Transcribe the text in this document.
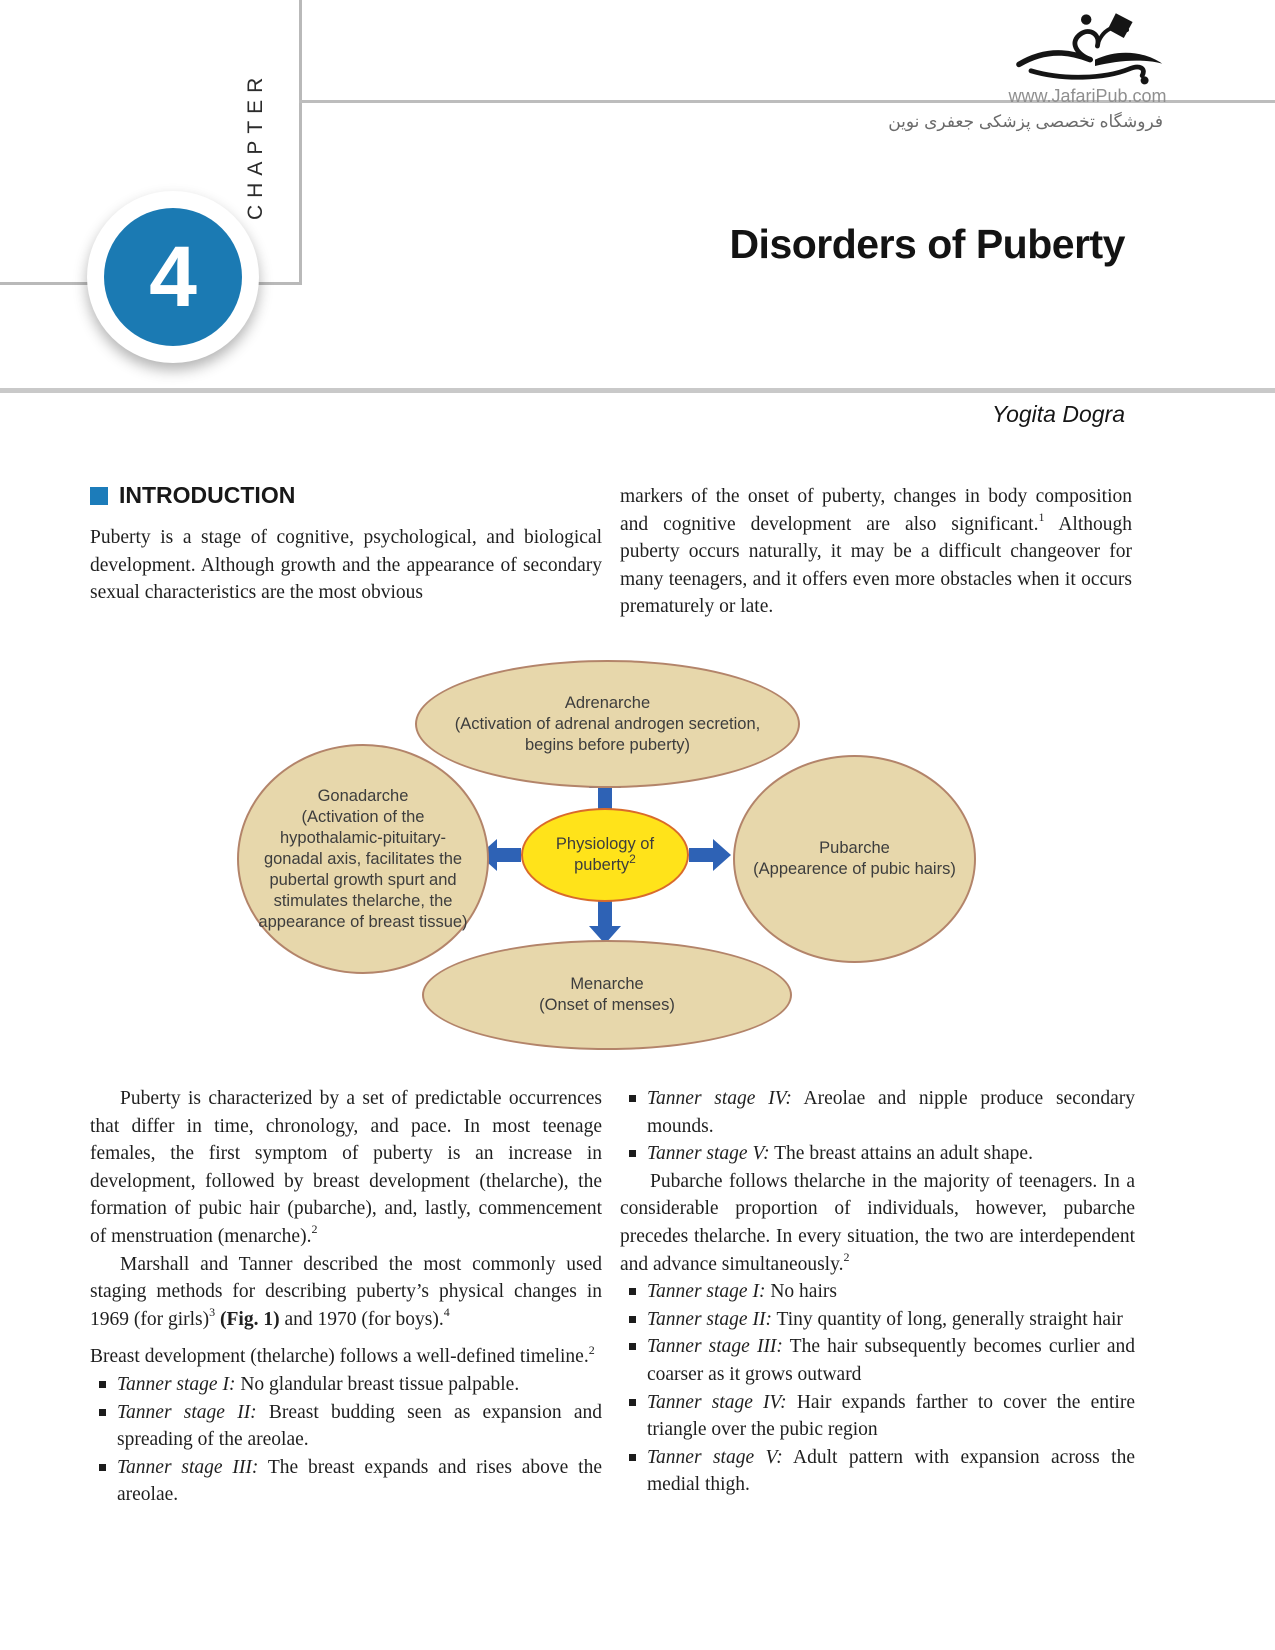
www.JafariPub.com
فروشگاه تخصصی پزشکی جعفری نوین
CHAPTER
4	Disorders of Puberty
Yogita Dogra
INTRODUCTION

Puberty is a stage of cognitive, psychological, and biological development. Although growth and the appearance of secondary sexual characteristics are the most obvious

markers of the onset of puberty, changes in body composition and cognitive development are also significant.$^1$ Although puberty occurs naturally, it may be a difficult changeover for many teenagers, and it offers even more obstacles when it occurs prematurely or late.

Adrenarche
(Activation of adrenal androgen secretion, begins before puberty)
Gonadarche
(Activation of the hypothalamic-pituitary-gonadal axis, facilitates the pubertal growth spurt and stimulates thelarche, the appearance of breast tissue)
Pubarche
(Appearence of pubic hairs)
Menarche
(Onset of menses)
Physiology of
puberty$^2$

Puberty is characterized by a set of predictable occurrences that differ in time, chronology, and pace. In most teenage females, the first symptom of puberty is an increase in development, followed by breast development (thelarche), the formation of pubic hair (pubarche), and, lastly, commencement of menstruation (menarche).$^2$

Marshall and Tanner described the most commonly used staging methods for describing puberty’s physical changes in 1969 (for girls)$^3$ (Fig. 1) and 1970 (for boys).$^4$

Breast development (thelarche) follows a well-defined timeline.$^2$

Tanner stage I: No glandular breast tissue palpable.
Tanner stage II: Breast budding seen as expansion and spreading of the areolae.
Tanner stage III: The breast expands and rises above the areolae.
Tanner stage IV: Areolae and nipple produce secondary mounds.
Tanner stage V: The breast attains an adult shape.

Pubarche follows thelarche in the majority of teenagers. In a considerable proportion of individuals, however, pubarche precedes thelarche. In every situation, the two are interdependent and advance simultaneously.$^2$

Tanner stage I: No hairs
Tanner stage II: Tiny quantity of long, generally straight hair
Tanner stage III: The hair subsequently becomes curlier and coarser as it grows outward
Tanner stage IV: Hair expands farther to cover the entire triangle over the pubic region
Tanner stage V: Adult pattern with expansion across the medial thigh.
